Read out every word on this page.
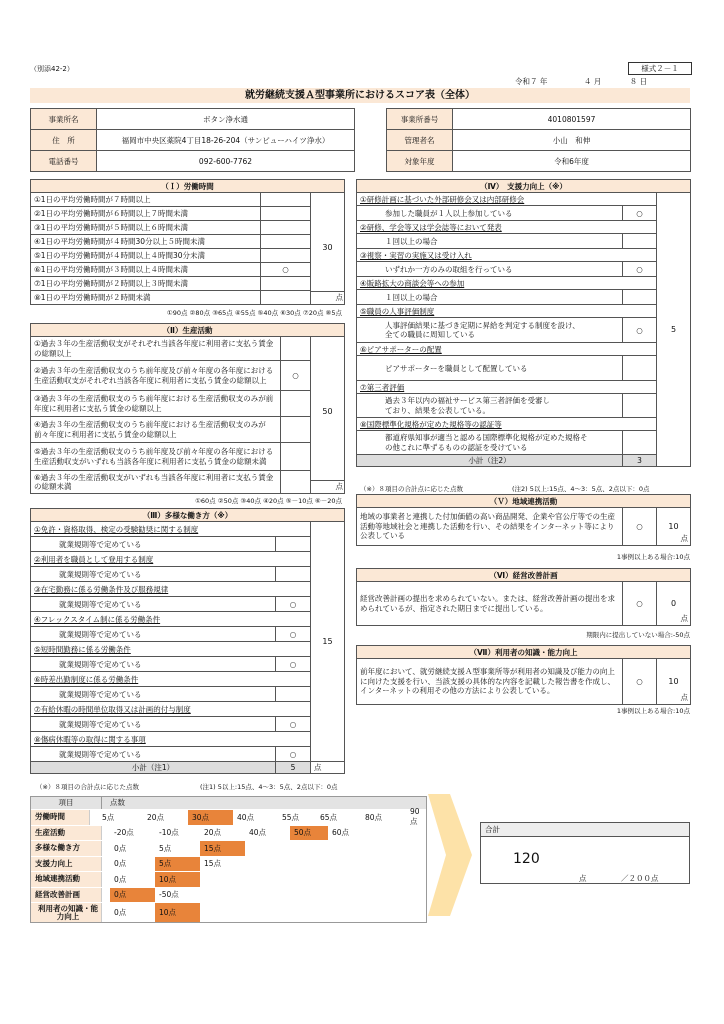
（別添42-2）	様式２－１
令和７ 年	４ 月	８ 日
就労継続支援Ａ型事業所におけるスコア表（全体）
事業所名	ボタン浄水通		事業所番号	4010801597
住　所	福岡市中央区薬院4丁目18-26-204（サンビューハイツ浄水）		管理者名	小山　和伸
電話番号	092-600-7762		対象年度	令和6年度
（Ｉ）労働時間		
①1日の平均労働時間が７時間以上		30
点

②1日の平均労働時間が６時間以上７時間未満		
③1日の平均労働時間が５時間以上６時間未満		
④1日の平均労働時間が４時間30分以上５時間未満		
⑤1日の平均労働時間が４時間以上４時間30分未満		
⑥1日の平均労働時間が３時間以上４時間未満	○	
⑦1日の平均労働時間が２時間以上３時間未満		
⑧1日の平均労働時間が２時間未満		
①90点 ②80点 ③65点 ④55点 ⑤40点 ⑥30点 ⑦20点 ⑧5点
（Ⅱ）生産活動		
①過去３年の生産活動収支がそれぞれ当該各年度に利用者に支払う賃金の総額以上		50
点

②過去３年の生産活動収支のうち前年度及び前々年度の各年度における生産活動収支がそれぞれ当該各年度に利用者に支払う賃金の総額以上	○	
③過去３年の生産活動収支のうち前年度における生産活動収支のみが前年度に利用者に支払う賃金の総額以上		
④過去３年の生産活動収支のうち前年度における生産活動収支のみが前々年度に利用者に支払う賃金の総額以上		
⑤過去３年の生産活動収支のうち前年度及び前々年度の各年度における生産活動収支がいずれも当該各年度に利用者に支払う賃金の総額未満		
⑥過去３年の生産活動収支がいずれも当該各年度に利用者に支払う賃金の総額未満		
①60点 ②50点 ③40点 ④20点 ⑤－10点 ⑥－20点
（Ⅲ）多様な働き方（※）		
①免許・資格取得、検定の受験勧奨に関する制度		15
就業規則等で定めている		
②利用者を職員として登用する制度		
就業規則等で定めている		
③在宅勤務に係る労働条件及び服務規律		
就業規則等で定めている	○	
④フレックスタイム制に係る労働条件		
就業規則等で定めている	○	
⑤短時間勤務に係る労働条件		
就業規則等で定めている	○	
⑥時差出勤制度に係る労働条件		
就業規則等で定めている		
⑦有給休暇の時間単位取得又は計画的付与制度		
就業規則等で定めている	○	
⑧傷病休暇等の取得に関する事項		
就業規則等で定めている	○	
小計（注1）	5	点
（※）８項目の合計点に応じた点数	(注1) 5以上:15点、4～3：5点、2点以下：0点
（Ⅳ）　支援力向上（※）			
①研修計画に基づいた外部研修会又は内部研修会		5	
参加した職員が１人以上参加している	○		
②研修、学会等又は学会誌等において発表			
１回以上の場合			
③視察・実習の実施又は受け入れ			
いずれか一方のみの取組を行っている	○		
④販路拡大の商談会等への参加			
１回以上の場合			
⑤職員の人事評価制度			
人事評価結果に基づき定期に昇給を判定する制度を設け、全ての職員に周知している	○		
⑥ピアサポーターの配置			
ピアサポーターを職員として配置している			
⑦第三者評価			
過去３年以内の福祉サービス第三者評価を受審しており、結果を公表している。			
⑧国際標準化規格が定めた規格等の認証等			
都道府県知事が適当と認める国際標準化規格が定めた規格その他これに準ずるものの認証を受けている			
小計（注2）	3	
（※）８項目の合計点に応じた点数	(注2) 5以上:15点、4～3：5点、2点以下：0点
（Ｖ）地域連携活動
地域の事業者と連携した付加価値の高い商品開発、企業や官公庁等での生産活動等地域社会と連携した活動を行い、その結果をインターネット等により公表している	○	10
点
1事例以上ある場合:10点
（Ⅵ）経営改善計画
経営改善計画の提出を求められていない。または、経営改善計画の提出を求められているが、指定された期日までに提出している。	○	0
点
期限内に提出していない場合:-50点
（Ⅶ）利用者の知識・能力向上
前年度において、就労継続支援Ａ型事業所等が利用者の知識及び能力の向上に向けた支援を行い、当該支援の具体的な内容を記載した報告書を作成し、インターネットの利用その他の方法により公表している。	○	10
点
1事例以上ある場合:10点
項目	点数
労働時間	5点	20点	30点	40点	55点	65点	80点
90点
生産活動	-20点	-10点	20点	40点	50点	60点
多様な働き方	0点	5点	15点
支援力向上	0点	5点	15点
地域連携活動	0点	10点
経営改善計画	0点	-50点
利用者の知識・能力向上	0点	10点
合計
120
点	／２００点
